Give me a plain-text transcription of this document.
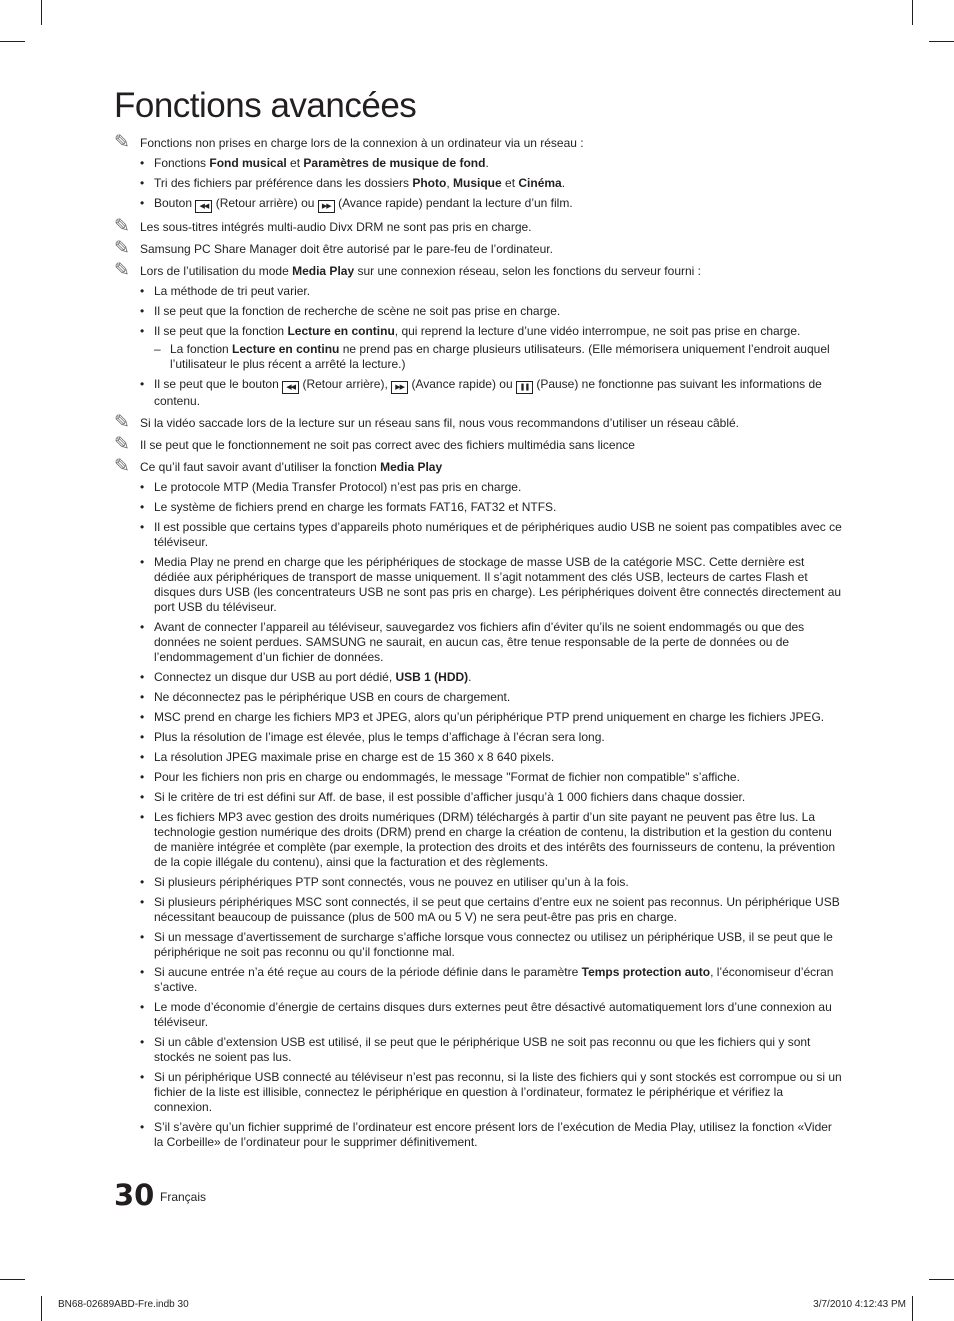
Fonctions avancées
✎ Fonctions non prises en charge lors de la connexion à un ordinateur via un réseau :
• Fonctions Fond musical et Paramètres de musique de fond.
• Tri des fichiers par préférence dans les dossiers Photo, Musique et Cinéma.
• Bouton ◀◀ (Retour arrière) ou ▶▶ (Avance rapide) pendant la lecture d’un film.
✎ Les sous-titres intégrés multi-audio Divx DRM ne sont pas pris en charge.
✎ Samsung PC Share Manager doit être autorisé par le pare-feu de l’ordinateur.
✎ Lors de l’utilisation du mode Media Play sur une connexion réseau, selon les fonctions du serveur fourni :
• La méthode de tri peut varier.
• Il se peut que la fonction de recherche de scène ne soit pas prise en charge.
• Il se peut que la fonction Lecture en continu, qui reprend la lecture d’une vidéo interrompue, ne soit pas prise en charge.
– La fonction Lecture en continu ne prend pas en charge plusieurs utilisateurs. (Elle mémorisera uniquement l’endroit auquel l’utilisateur le plus récent a arrêté la lecture.)
• Il se peut que le bouton ◀◀ (Retour arrière), ▶▶ (Avance rapide) ou ❚❚ (Pause) ne fonctionne pas suivant les informations de contenu.
✎ Si la vidéo saccade lors de la lecture sur un réseau sans fil, nous vous recommandons d’utiliser un réseau câblé.
✎ Il se peut que le fonctionnement ne soit pas correct avec des fichiers multimédia sans licence
✎ Ce qu’il faut savoir avant d’utiliser la fonction Media Play
• Le protocole MTP (Media Transfer Protocol) n’est pas pris en charge.
• Le système de fichiers prend en charge les formats FAT16, FAT32 et NTFS.
• Il est possible que certains types d’appareils photo numériques et de périphériques audio USB ne soient pas compatibles avec ce téléviseur.
• Media Play ne prend en charge que les périphériques de stockage de masse USB de la catégorie MSC. Cette dernière est dédiée aux périphériques de transport de masse uniquement. Il s’agit notamment des clés USB, lecteurs de cartes Flash et disques durs USB (les concentrateurs USB ne sont pas pris en charge). Les périphériques doivent être connectés directement au port USB du téléviseur.
• Avant de connecter l’appareil au téléviseur, sauvegardez vos fichiers afin d’éviter qu’ils ne soient endommagés ou que des données ne soient perdues. SAMSUNG ne saurait, en aucun cas, être tenue responsable de la perte de données ou de l’endommagement d’un fichier de données.
• Connectez un disque dur USB au port dédié, USB 1 (HDD).
• Ne déconnectez pas le périphérique USB en cours de chargement.
• MSC prend en charge les fichiers MP3 et JPEG, alors qu’un périphérique PTP prend uniquement en charge les fichiers JPEG.
• Plus la résolution de l’image est élevée, plus le temps d’affichage à l’écran sera long.
• La résolution JPEG maximale prise en charge est de 15 360 x 8 640 pixels.
• Pour les fichiers non pris en charge ou endommagés, le message "Format de fichier non compatible" s’affiche.
• Si le critère de tri est défini sur Aff. de base, il est possible d’afficher jusqu’à 1 000 fichiers dans chaque dossier.
• Les fichiers MP3 avec gestion des droits numériques (DRM) téléchargés à partir d’un site payant ne peuvent pas être lus. La technologie gestion numérique des droits (DRM) prend en charge la création de contenu, la distribution et la gestion du contenu de manière intégrée et complète (par exemple, la protection des droits et des intérêts des fournisseurs de contenu, la prévention de la copie illégale du contenu), ainsi que la facturation et des règlements.
• Si plusieurs périphériques PTP sont connectés, vous ne pouvez en utiliser qu’un à la fois.
• Si plusieurs périphériques MSC sont connectés, il se peut que certains d’entre eux ne soient pas reconnus. Un périphérique USB nécessitant beaucoup de puissance (plus de 500 mA ou 5 V) ne sera peut-être pas pris en charge.
• Si un message d’avertissement de surcharge s’affiche lorsque vous connectez ou utilisez un périphérique USB, il se peut que le périphérique ne soit pas reconnu ou qu’il fonctionne mal.
• Si aucune entrée n’a été reçue au cours de la période définie dans le paramètre Temps protection auto, l’économiseur d’écran s’active.
• Le mode d’économie d’énergie de certains disques durs externes peut être désactivé automatiquement lors d’une connexion au téléviseur.
• Si un câble d’extension USB est utilisé, il se peut que le périphérique USB ne soit pas reconnu ou que les fichiers qui y sont stockés ne soient pas lus.
• Si un périphérique USB connecté au téléviseur n’est pas reconnu, si la liste des fichiers qui y sont stockés est corrompue ou si un fichier de la liste est illisible, connectez le périphérique en question à l’ordinateur, formatez le périphérique et vérifiez la connexion.
• S’il s’avère qu’un fichier supprimé de l’ordinateur est encore présent lors de l’exécution de Media Play, utilisez la fonction «Vider la Corbeille» de l’ordinateur pour le supprimer définitivement.
30 Français
BN68-02689ABD-Fre.indb 30	3/7/2010 4:12:43 PM
